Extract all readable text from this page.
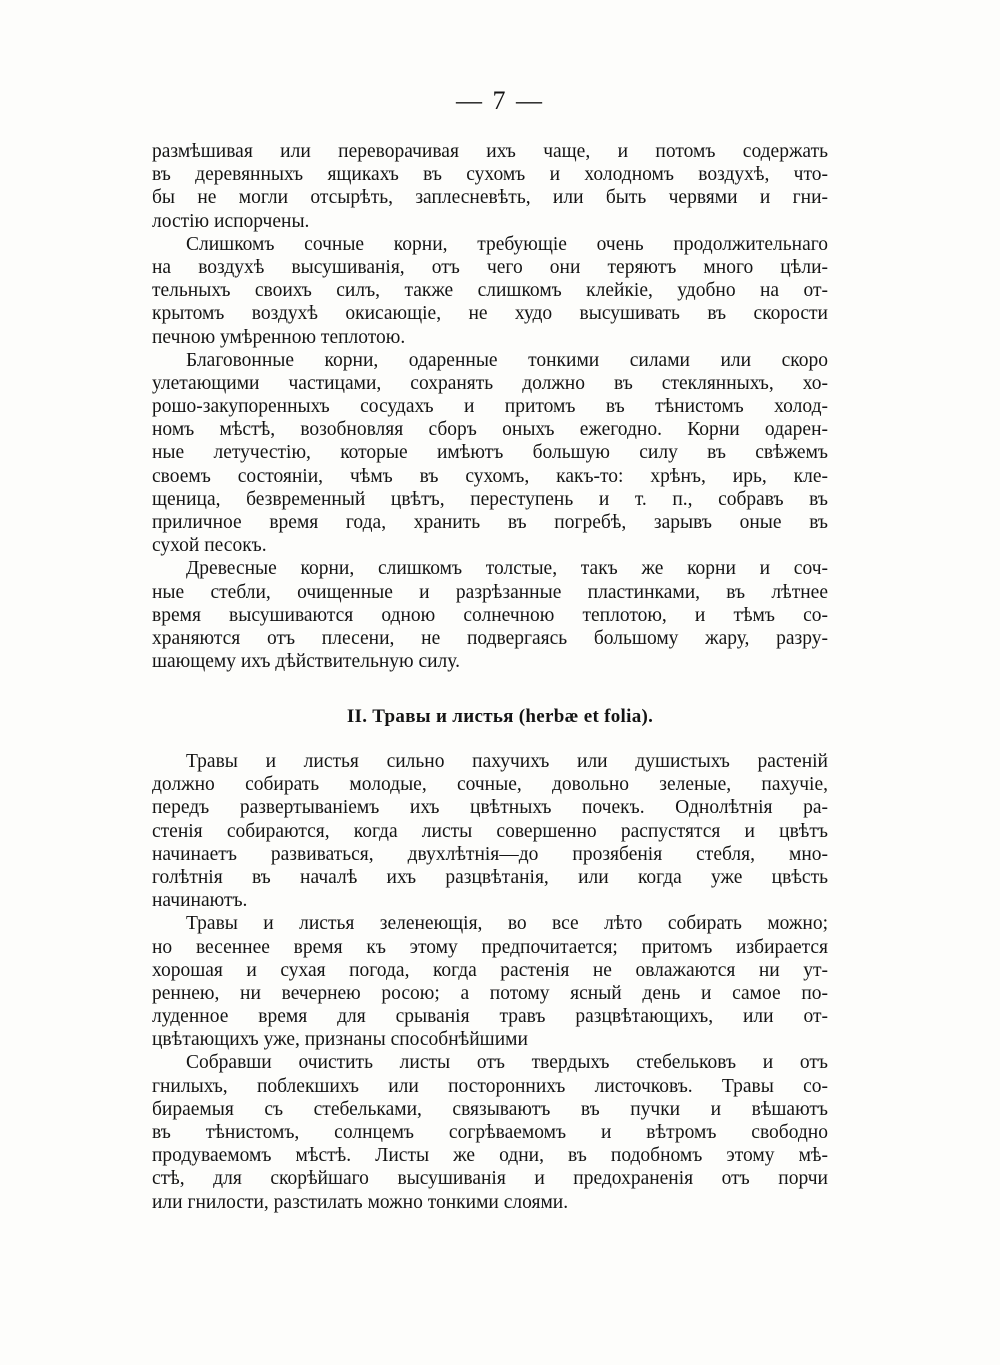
— 7 —
размѣшивая или переворачивая ихъ чаще, и потомъ содержать
въ деревянныхъ ящикахъ въ сухомъ и холодномъ воздухѣ, что-
бы не могли отсырѣть, заплесневѣть, или быть червями и гни-
лостію испорчены.
Слишкомъ сочные корни, требующіе очень продолжительнаго
на воздухѣ высушиванія, отъ чего они теряютъ много цѣли-
тельныхъ своихъ силъ, также слишкомъ клейкіе, удобно на от-
крытомъ воздухѣ окисающіе, не худо высушивать въ скорости
печною умѣренною теплотою.
Благовонные корни, одаренные тонкими силами или скоро
улетающими частицами, сохранять должно въ стеклянныхъ, хо-
рошо-закупоренныхъ сосудахъ и притомъ въ тѣнистомъ холод-
номъ мѣстѣ, возобновляя сборъ оныхъ ежегодно. Корни одарен-
ные летучестію, которые имѣютъ большую силу въ свѣжемъ
своемъ состояніи, чѣмъ въ сухомъ, какъ-то: хрѣнъ, ирь, кле-
щеница, безвременный цвѣтъ, переступень и т. п., собравъ въ
приличное время года, хранить въ погребѣ, зарывъ оные въ
сухой песокъ.
Древесные корни, слишкомъ толстые, такъ же корни и соч-
ные стебли, очищенные и разрѣзанные пластинками, въ лѣтнее
время высушиваются одною солнечною теплотою, и тѣмъ со-
храняются отъ плесени, не подвергаясь большому жару, разру-
шающему ихъ дѣйствительную силу.
II. Травы и листья (herbæ et folia).
Травы и листья сильно пахучихъ или душистыхъ растеній
должно собирать молодые, сочные, довольно зеленые, пахучіе,
передъ развертываніемъ ихъ цвѣтныхъ почекъ. Однолѣтнія ра-
стенія собираются, когда листы совершенно распустятся и цвѣтъ
начинаетъ развиваться, двухлѣтнія—до прозябенія стебля, мно-
голѣтнія въ началѣ ихъ разцвѣтанія, или когда уже цвѣсть
начинаютъ.
Травы и листья зеленеющія, во все лѣто собирать можно;
но весеннее время къ этому предпочитается; притомъ избирается
хорошая и сухая погода, когда растенія не овлажаются ни ут-
реннею, ни вечернею росою; а потому ясный день и самое по-
луденное время для срыванія травъ разцвѣтающихъ, или от-
цвѣтающихъ уже, признаны способнѣйшими
Собравши очистить листы отъ твердыхъ стебельковъ и отъ
гнилыхъ, поблекшихъ или постороннихъ листочковъ. Травы со-
бираемыя съ стебельками, связываютъ въ пучки и вѣшаютъ
въ тѣнистомъ, солнцемъ согрѣваемомъ и вѣтромъ свободно
продуваемомъ мѣстѣ. Листы же одни, въ подобномъ этому мѣ-
стѣ, для скорѣйшаго высушиванія и предохраненія отъ порчи
или гнилости, разстилать можно тонкими слоями.
